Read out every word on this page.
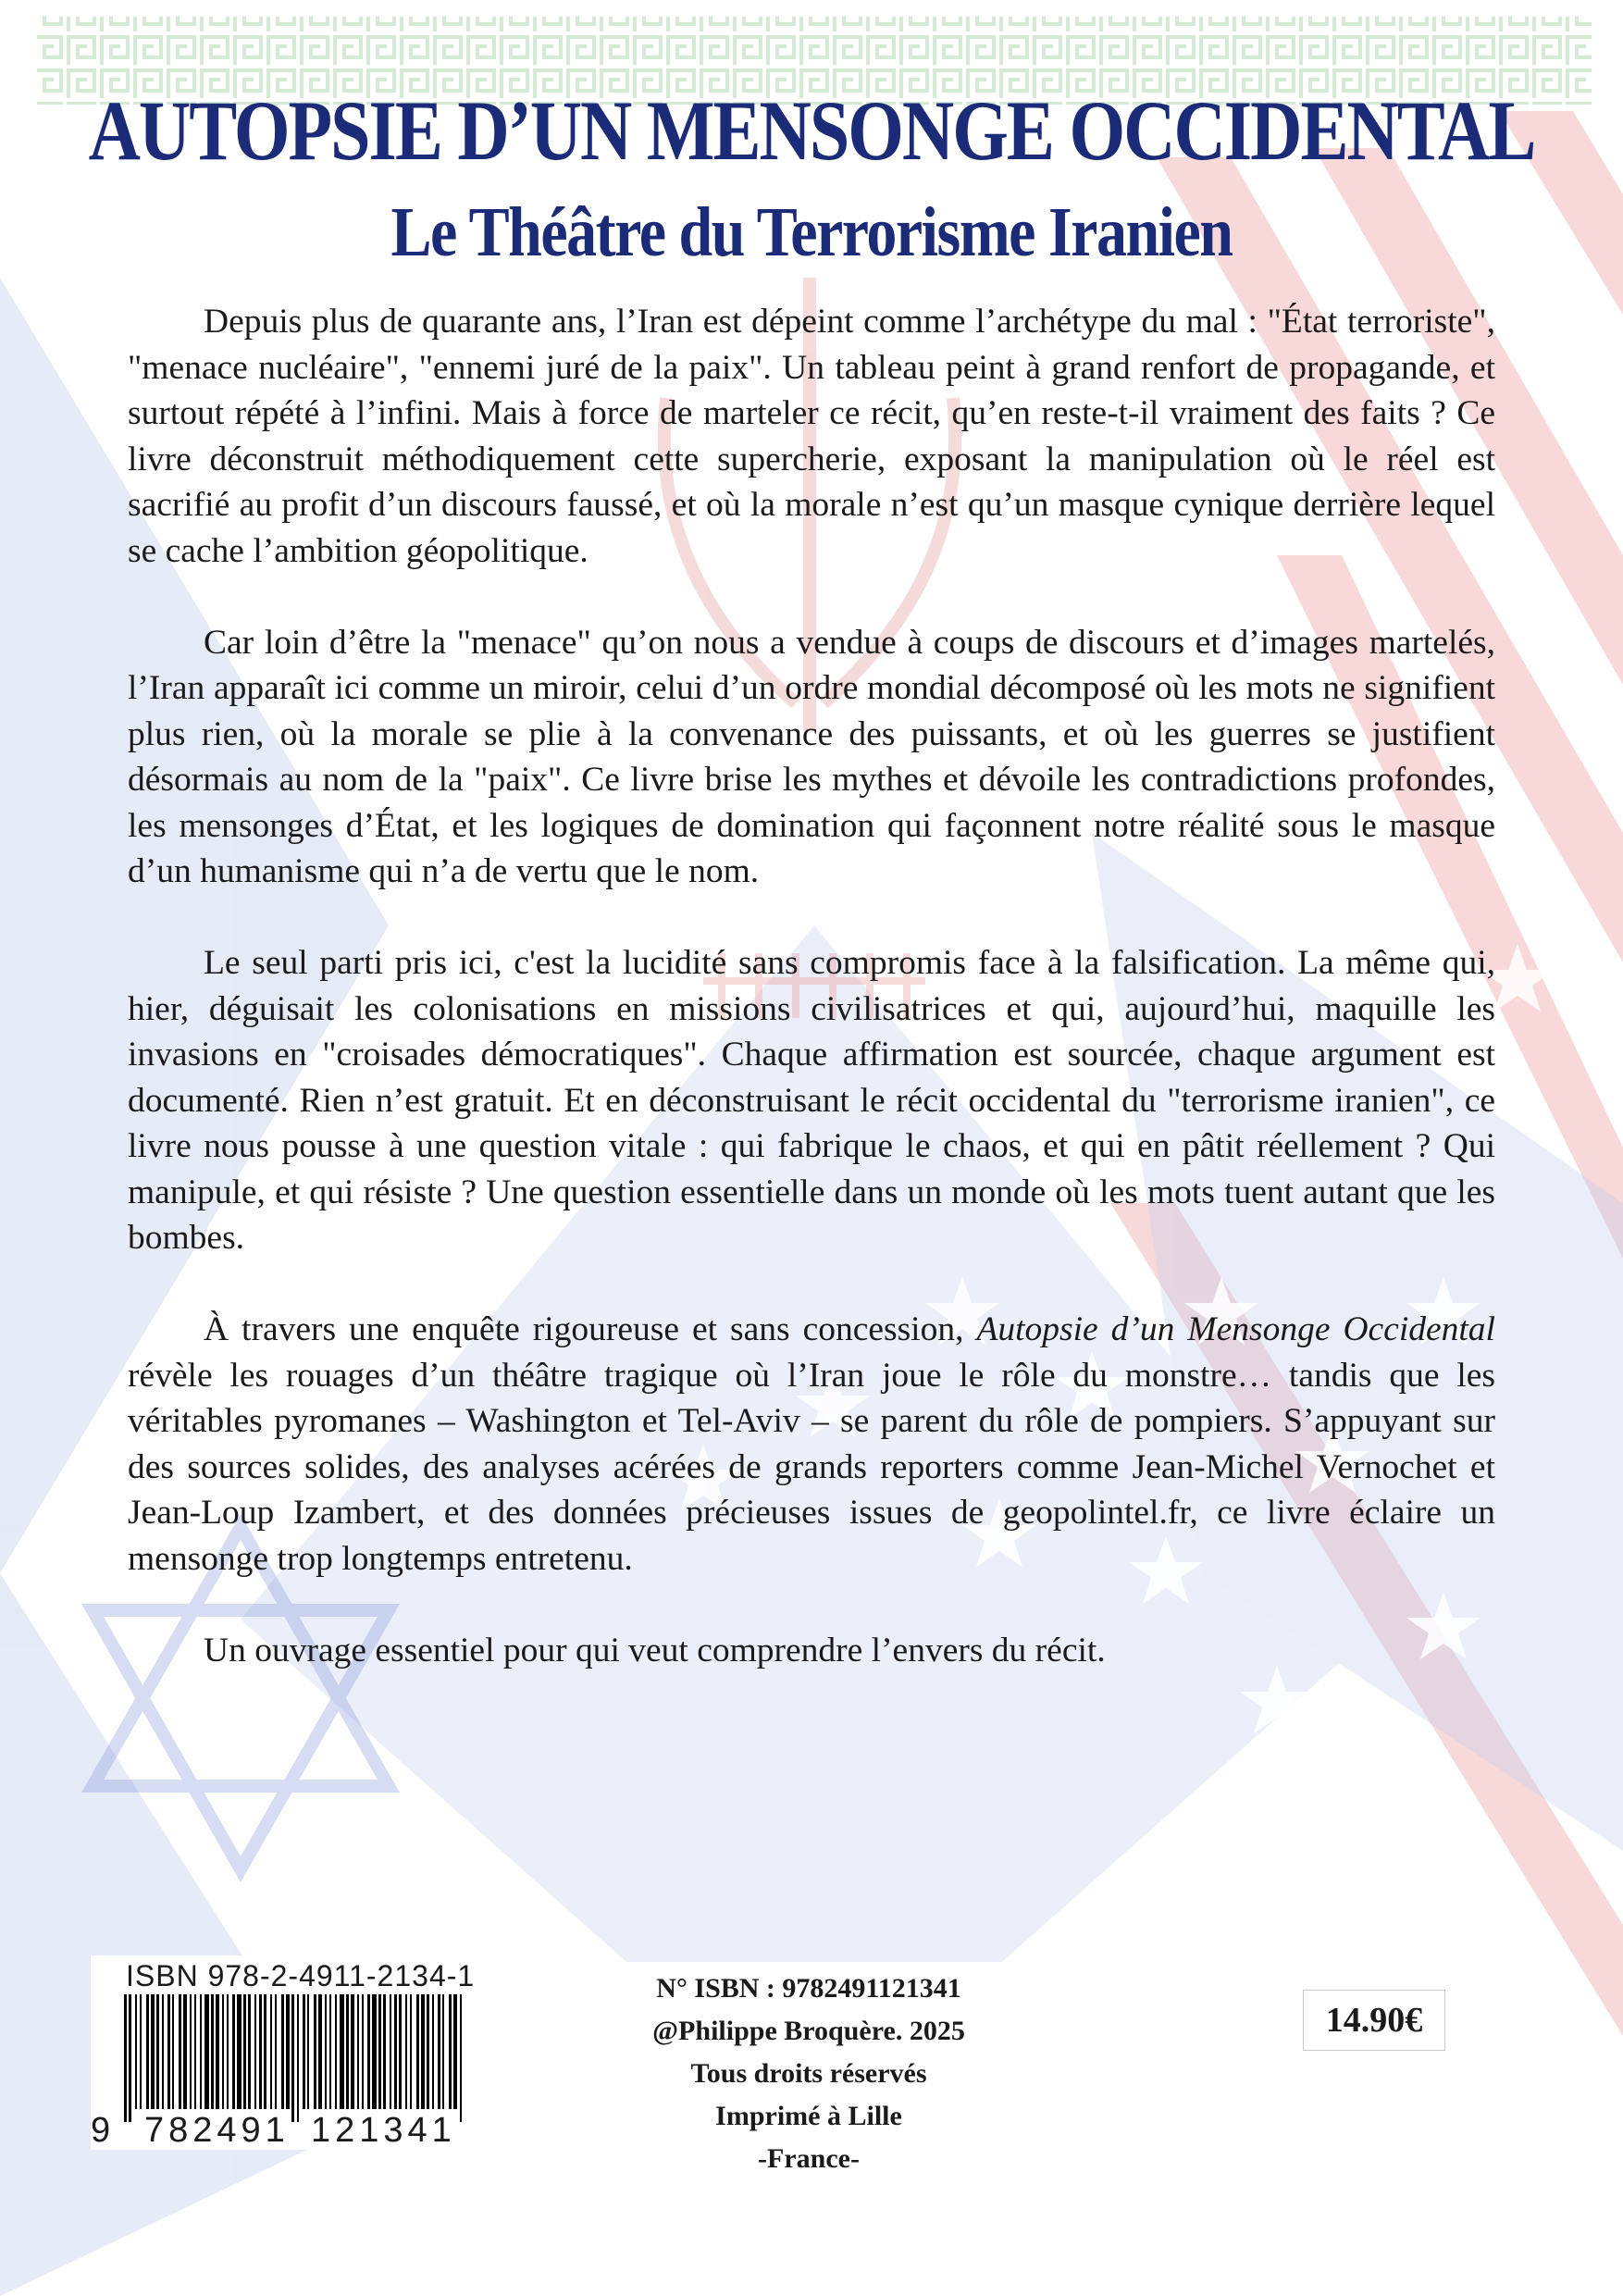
AUTOPSIE D’UN MENSONGE OCCIDENTAL
Le Théâtre du Terrorisme Iranien

Depuis plus de quarante ans, l’Iran est dépeint comme l’archétype du mal : "État terroriste", "menace nucléaire", "ennemi juré de la paix". Un tableau peint à grand renfort de propagande, et surtout répété à l’infini. Mais à force de marteler ce récit, qu’en reste-t-il vraiment des faits ? Ce livre déconstruit méthodiquement cette supercherie, exposant la manipulation où le réel est sacrifié au profit d’un discours faussé, et où la morale n’est qu’un masque cynique derrière lequel se cache l’ambition géopolitique.

Car loin d’être la "menace" qu’on nous a vendue à coups de discours et d’images martelés, l’Iran apparaît ici comme un miroir, celui d’un ordre mondial décomposé où les mots ne signifient plus rien, où la morale se plie à la convenance des puissants, et où les guerres se justifient désormais au nom de la "paix". Ce livre brise les mythes et dévoile les contradictions profondes, les mensonges d’État, et les logiques de domination qui façonnent notre réalité sous le masque d’un humanisme qui n’a de vertu que le nom.

Le seul parti pris ici, c'est la lucidité sans compromis face à la falsification. La même qui, hier, déguisait les colonisations en missions civilisatrices et qui, aujourd’hui, maquille les invasions en "croisades démocratiques". Chaque affirmation est sourcée, chaque argument est documenté. Rien n’est gratuit. Et en déconstruisant le récit occidental du "terrorisme iranien", ce livre nous pousse à une question vitale : qui fabrique le chaos, et qui en pâtit réellement ? Qui manipule, et qui résiste ? Une question essentielle dans un monde où les mots tuent autant que les bombes.

À travers une enquête rigoureuse et sans concession, Autopsie d’un Mensonge Occidental révèle les rouages d’un théâtre tragique où l’Iran joue le rôle du monstre… tandis que les véritables pyromanes – Washington et Tel-Aviv – se parent du rôle de pompiers. S’appuyant sur des sources solides, des analyses acérées de grands reporters comme Jean-Michel Vernochet et Jean-Loup Izambert, et des données précieuses issues de geopolintel.fr, ce livre éclaire un mensonge trop longtemps entretenu.

Un ouvrage essentiel pour qui veut comprendre l’envers du récit.

ISBN 978-2-4911-2134-1
9 782491 121341
N° ISBN : 9782491121341
@Philippe Broquère. 2025
Tous droits réservés
Imprimé à Lille
-France-
14.90€
